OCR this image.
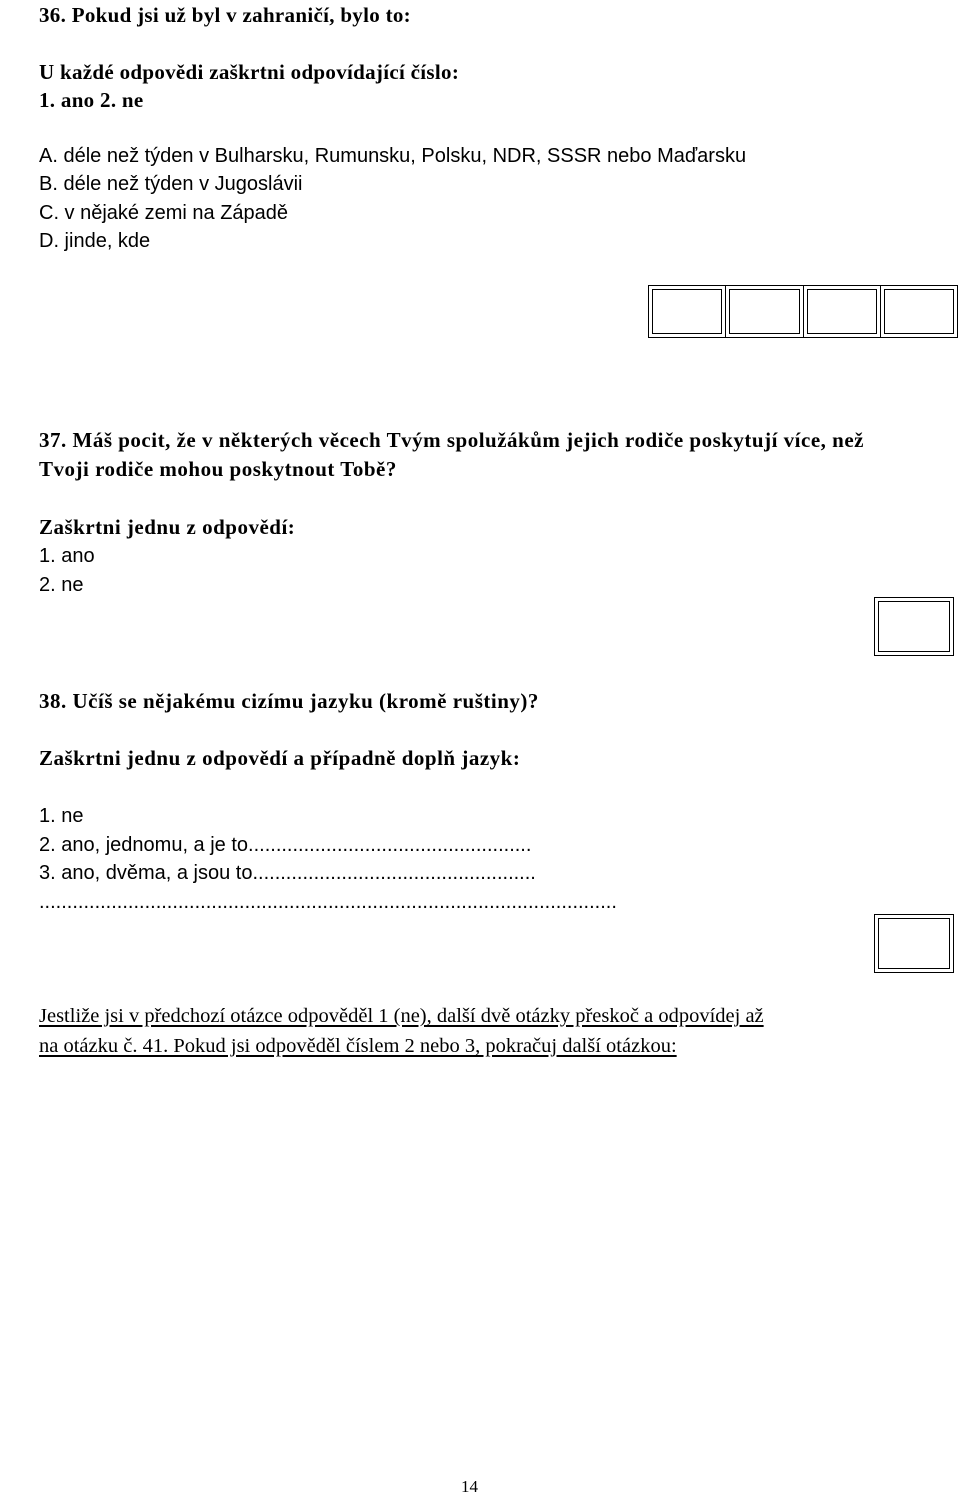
36. Pokud jsi už byl v zahraničí, bylo to:
U každé odpovědi zaškrtni odpovídající číslo:
1. ano 2. ne
A. déle než týden v Bulharsku, Rumunsku, Polsku, NDR, SSSR nebo Maďarsku
B. déle než týden v Jugoslávii
C. v nějaké zemi na Západě
D. jinde, kde
37. Máš pocit, že v některých věcech Tvým spolužákům jejich rodiče poskytují více, než
Tvoji rodiče mohou poskytnout Tobě?
Zaškrtni jednu z odpovědí:
1. ano
2. ne
38. Učíš se nějakému cizímu jazyku (kromě ruštiny)?
Zaškrtni jednu z odpovědí a případně doplň jazyk:
1. ne
2. ano, jednomu, a je to...................................................
3. ano, dvěma, a jsou to...................................................
........................................................................................................
Jestliže jsi v předchozí otázce odpověděl 1 (ne), další dvě otázky přeskoč a odpovídej až
na otázku č. 41. Pokud jsi odpověděl číslem 2 nebo 3, pokračuj další otázkou:
14
